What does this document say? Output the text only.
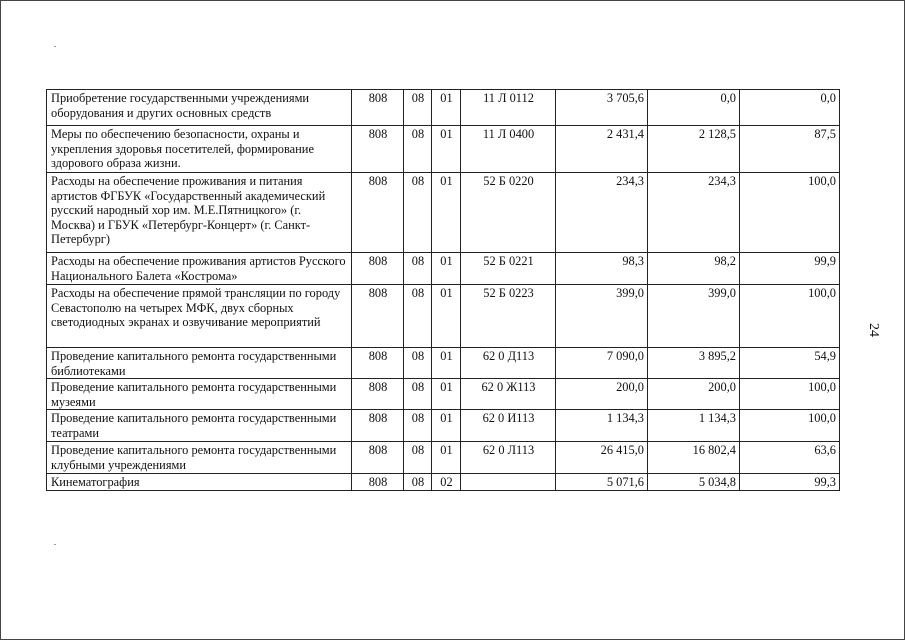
Приобретение государственными учреждениями оборудования и других основных средств	808	08	01	11 Л 0112	3 705,6	0,0	0,0
Меры по обеспечению безопасности, охраны и укрепления здоровья посетителей, формирование здорового образа жизни.	808	08	01	11 Л 0400	2 431,4	2 128,5	87,5
Расходы на обеспечение проживания и питания артистов ФГБУК «Государственный академический русский народный хор им. М.Е.Пятницкого» (г. Москва) и ГБУК «Петербург-Концерт» (г. Санкт-Петербург)	808	08	01	52 Б 0220	234,3	234,3	100,0
Расходы на обеспечение проживания артистов Русского Национального Балета «Кострома»	808	08	01	52 Б 0221	98,3	98,2	99,9
Расходы на обеспечение прямой трансляции по городу Севастополю на четырех МФК, двух сборных светодиодных экранах и озвучивание мероприятий	808	08	01	52 Б 0223	399,0	399,0	100,0
Проведение капитального ремонта государственными библиотеками	808	08	01	62 0 Д113	7 090,0	3 895,2	54,9
Проведение капитального ремонта государственными музеями	808	08	01	62 0 Ж113	200,0	200,0	100,0
Проведение капитального ремонта государственными театрами	808	08	01	62 0 И113	1 134,3	1 134,3	100,0
Проведение капитального ремонта государственными клубными учреждениями	808	08	01	62 0 Л113	26 415,0	16 802,4	63,6
Кинематография	808	08	02		5 071,6	5 034,8	99,3
24
